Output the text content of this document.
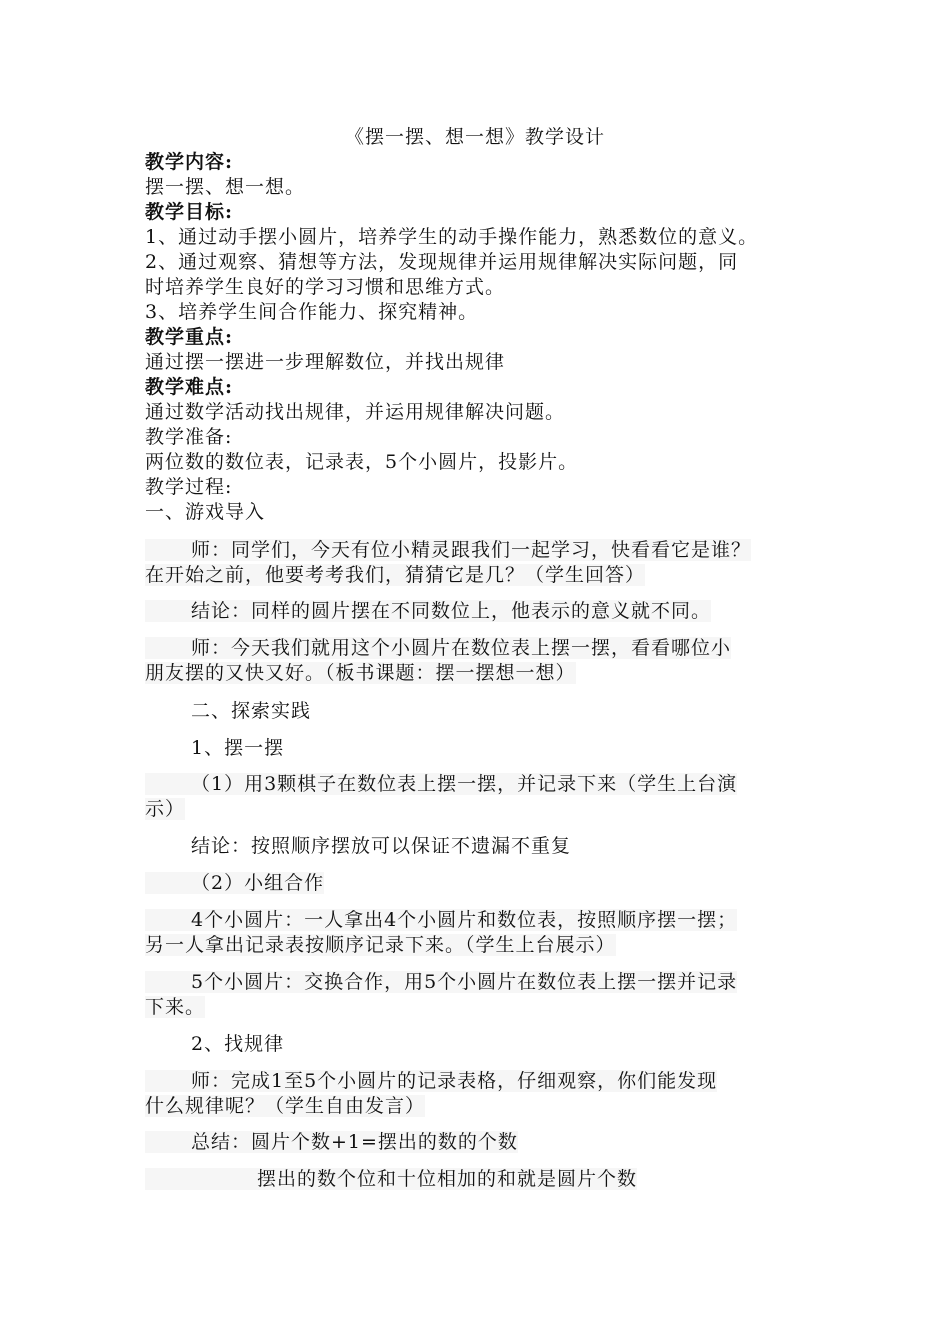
《摆一摆、想一想》教学设计
教学内容:
摆一摆、想一想。
教学目标:
1、通过动手摆小圆片，培养学生的动手操作能力，熟悉数位的意义。
2、通过观察、猜想等方法，发现规律并运用规律解决实际问题，同
时培养学生良好的学习习惯和思维方式。
3、培养学生间合作能力、探究精神。
教学重点:
通过摆一摆进一步理解数位，并找出规律
教学难点:
通过数学活动找出规律，并运用规律解决问题。
教学准备:
两位数的数位表，记录表，5个小圆片，投影片。
教学过程:
一、游戏导入
师：同学们，今天有位小精灵跟我们一起学习，快看看它是谁？
在开始之前，他要考考我们，猜猜它是几？（学生回答）
结论：同样的圆片摆在不同数位上，他表示的意义就不同。
师：今天我们就用这个小圆片在数位表上摆一摆，看看哪位小
朋友摆的又快又好。（板书课题：摆一摆想一想）
二、探索实践
1、摆一摆
（1）用3颗棋子在数位表上摆一摆，并记录下来（学生上台演
示）
结论：按照顺序摆放可以保证不遗漏不重复
（2）小组合作
4个小圆片：一人拿出4个小圆片和数位表，按照顺序摆一摆；
另一人拿出记录表按顺序记录下来。（学生上台展示）
5个小圆片：交换合作，用5个小圆片在数位表上摆一摆并记录
下来。
2、找规律
师：完成1至5个小圆片的记录表格，仔细观察，你们能发现
什么规律呢？（学生自由发言）
总结：圆片个数+1=摆出的数的个数
摆出的数个位和十位相加的和就是圆片个数
